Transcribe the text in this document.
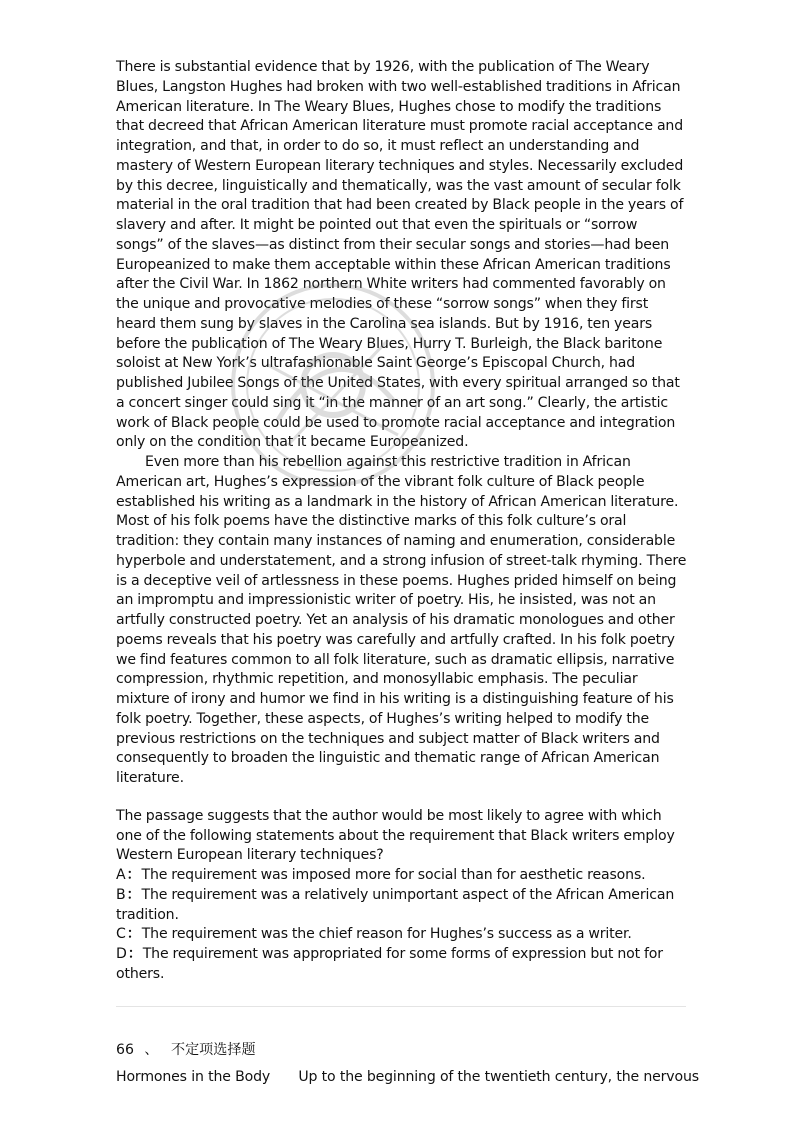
There is substantial evidence that by 1926, with the publication of The Weary Blues, Langston Hughes had broken with two well-established traditions in African American literature. In The Weary Blues, Hughes chose to modify the traditions that decreed that African American literature must promote racial acceptance and integration, and that, in order to do so, it must reflect an understanding and mastery of Western European literary techniques and styles. Necessarily excluded by this decree, linguistically and thematically, was the vast amount of secular folk material in the oral tradition that had been created by Black people in the years of slavery and after. It might be pointed out that even the spirituals or “sorrow songs” of the slaves—as distinct from their secular songs and stories—had been Europeanized to make them acceptable within these African American traditions after the Civil War. In 1862 northern White writers had commented favorably on the unique and provocative melodies of these “sorrow songs” when they first heard them sung by slaves in the Carolina sea islands. But by 1916, ten years before the publication of The Weary Blues, Hurry T. Burleigh, the Black baritone soloist at New York’s ultrafashionable Saint George’s Episcopal Church, had published Jubilee Songs of the United States, with every spiritual arranged so that a concert singer could sing it “in the manner of an art song.” Clearly, the artistic work of Black people could be used to promote racial acceptance and integration only on the condition that it became Europeanized.

Even more than his rebellion against this restrictive tradition in African American art, Hughes’s expression of the vibrant folk culture of Black people established his writing as a landmark in the history of African American literature. Most of his folk poems have the distinctive marks of this folk culture’s oral tradition: they contain many instances of naming and enumeration, considerable hyperbole and understatement, and a strong infusion of street-talk rhyming. There is a deceptive veil of artlessness in these poems. Hughes prided himself on being an impromptu and impressionistic writer of poetry. His, he insisted, was not an artfully constructed poetry. Yet an analysis of his dramatic monologues and other poems reveals that his poetry was carefully and artfully crafted. In his folk poetry we find features common to all folk literature, such as dramatic ellipsis, narrative compression, rhythmic repetition, and monosyllabic emphasis. The peculiar mixture of irony and humor we find in his writing is a distinguishing feature of his folk poetry. Together, these aspects, of Hughes’s writing helped to modify the previous restrictions on the techniques and subject matter of Black writers and consequently to broaden the linguistic and thematic range of African American literature.

The passage suggests that the author would be most likely to agree with which one of the following statements about the requirement that Black writers employ Western European literary techniques?

A：The requirement was imposed more for social than for aesthetic reasons.

B：The requirement was a relatively unimportant aspect of the African American tradition.

C：The requirement was the chief reason for Hughes’s success as a writer.

D：The requirement was appropriated for some forms of expression but not for others.

66 、 不定项选择题
Hormones in the Body Up to the beginning of the twentieth century, the nervous
